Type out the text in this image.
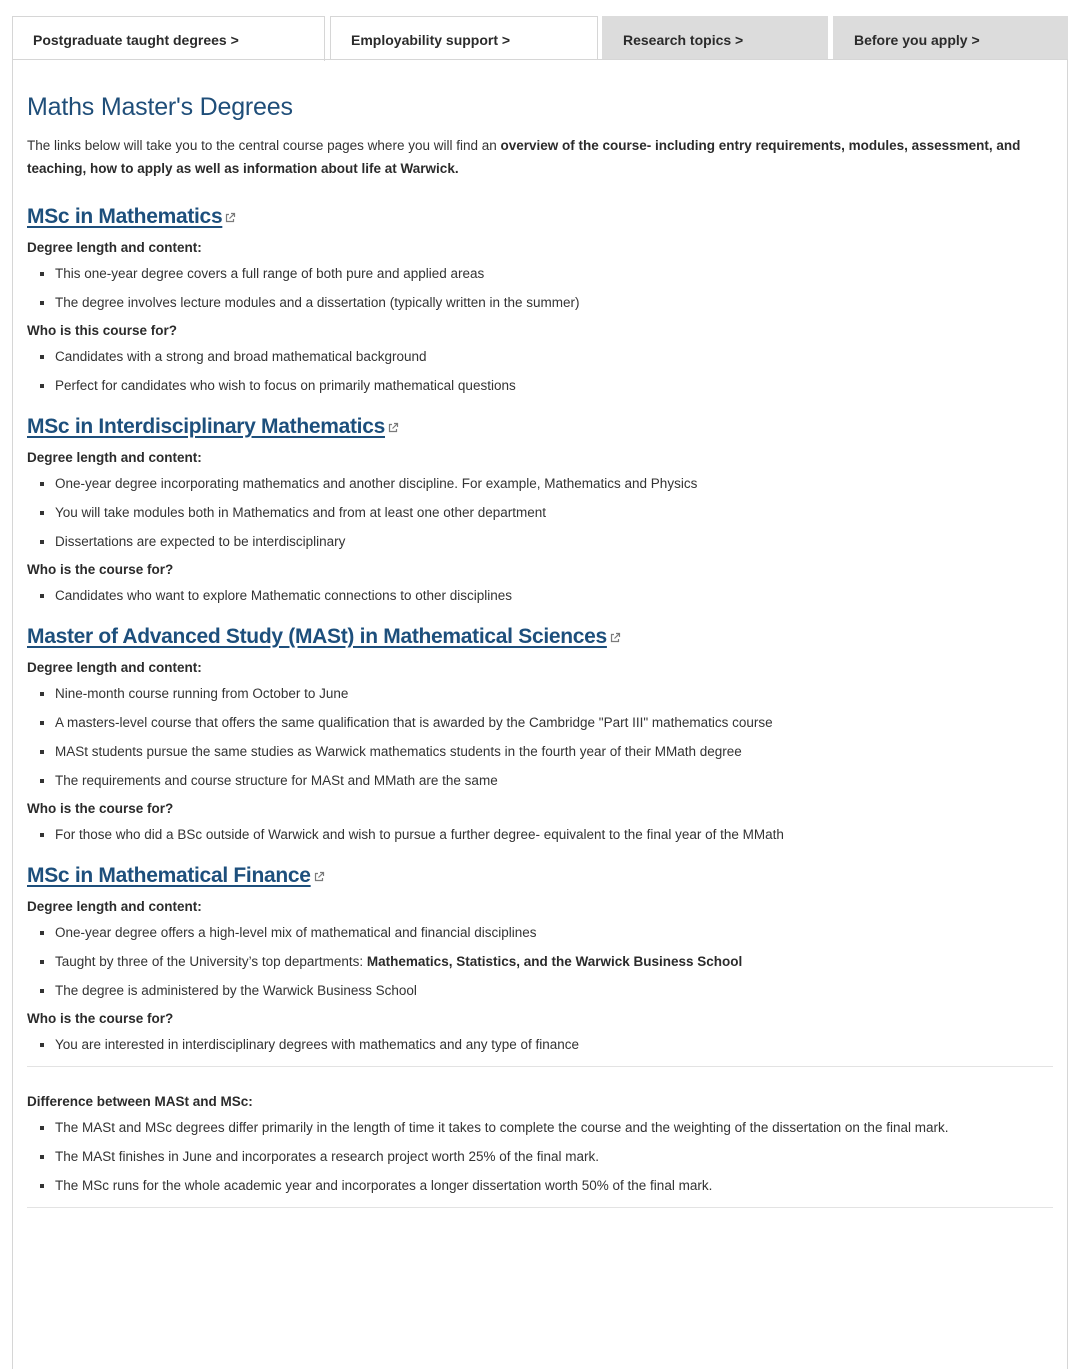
Postgraduate taught degrees >	Employability support >	Research topics >	Before you apply >
Maths Master's Degrees

The links below will take you to the central course pages where you will find an overview of the course- including entry requirements, modules, assessment, and teaching, how to apply as well as information about life at Warwick.

MSc in Mathematics
Degree length and content:
This one-year degree covers a full range of both pure and applied areas
The degree involves lecture modules and a dissertation (typically written in the summer)
Who is this course for?
Candidates with a strong and broad mathematical background
Perfect for candidates who wish to focus on primarily mathematical questions
MSc in Interdisciplinary Mathematics
Degree length and content:
One-year degree incorporating mathematics and another discipline. For example, Mathematics and Physics
You will take modules both in Mathematics and from at least one other department
Dissertations are expected to be interdisciplinary
Who is the course for?
Candidates who want to explore Mathematic connections to other disciplines
Master of Advanced Study (MASt) in Mathematical Sciences
Degree length and content:
Nine-month course running from October to June
A masters-level course that offers the same qualification that is awarded by the Cambridge "Part III" mathematics course
MASt students pursue the same studies as Warwick mathematics students in the fourth year of their MMath degree
The requirements and course structure for MASt and MMath are the same
Who is the course for?
For those who did a BSc outside of Warwick and wish to pursue a further degree- equivalent to the final year of the MMath
MSc in Mathematical Finance
Degree length and content:
One-year degree offers a high-level mix of mathematical and financial disciplines
Taught by three of the University’s top departments: Mathematics, Statistics, and the Warwick Business School
The degree is administered by the Warwick Business School
Who is the course for?
You are interested in interdisciplinary degrees with mathematics and any type of finance
Difference between MASt and MSc:
The MASt and MSc degrees differ primarily in the length of time it takes to complete the course and the weighting of the dissertation on the final mark.
The MASt finishes in June and incorporates a research project worth 25% of the final mark.
The MSc runs for the whole academic year and incorporates a longer dissertation worth 50% of the final mark.
